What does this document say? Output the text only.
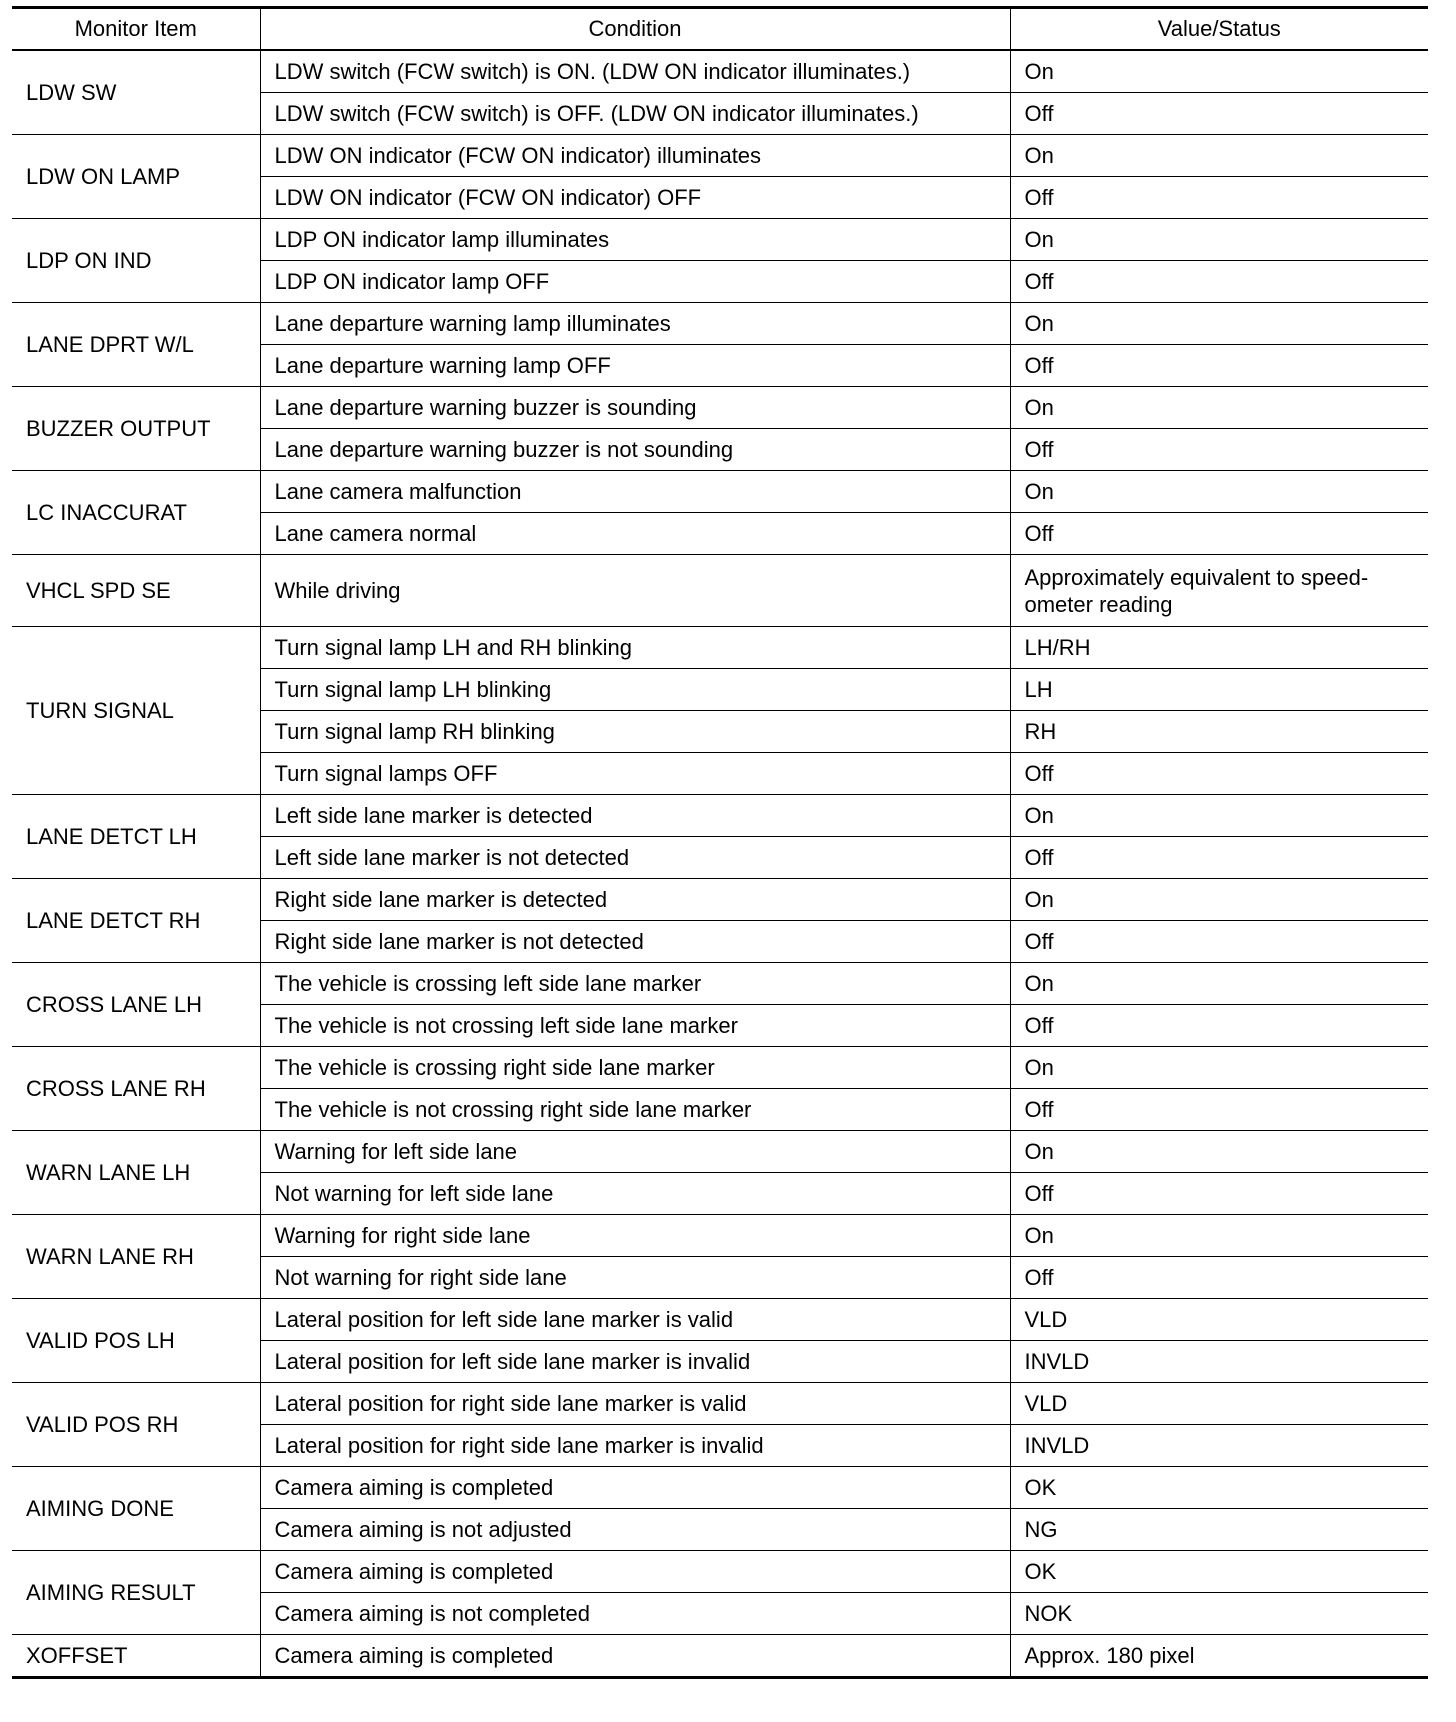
Monitor Item	Condition	Value/Status
LDW SW	LDW switch (FCW switch) is ON. (LDW ON indicator illuminates.)	On
	LDW switch (FCW switch) is OFF. (LDW ON indicator illuminates.)	Off
LDW ON LAMP	LDW ON indicator (FCW ON indicator) illuminates	On
	LDW ON indicator (FCW ON indicator) OFF	Off
LDP ON IND	LDP ON indicator lamp illuminates	On
	LDP ON indicator lamp OFF	Off
LANE DPRT W/L	Lane departure warning lamp illuminates	On
	Lane departure warning lamp OFF	Off
BUZZER OUTPUT	Lane departure warning buzzer is sounding	On
	Lane departure warning buzzer is not sounding	Off
LC INACCURAT	Lane camera malfunction	On
	Lane camera normal	Off
VHCL SPD SE	While driving	Approximately equivalent to speed-ometer reading
TURN SIGNAL	Turn signal lamp LH and RH blinking	LH/RH
	Turn signal lamp LH blinking	LH
	Turn signal lamp RH blinking	RH
	Turn signal lamps OFF	Off
LANE DETCT LH	Left side lane marker is detected	On
	Left side lane marker is not detected	Off
LANE DETCT RH	Right side lane marker is detected	On
	Right side lane marker is not detected	Off
CROSS LANE LH	The vehicle is crossing left side lane marker	On
	The vehicle is not crossing left side lane marker	Off
CROSS LANE RH	The vehicle is crossing right side lane marker	On
	The vehicle is not crossing right side lane marker	Off
WARN LANE LH	Warning for left side lane	On
	Not warning for left side lane	Off
WARN LANE RH	Warning for right side lane	On
	Not warning for right side lane	Off
VALID POS LH	Lateral position for left side lane marker is valid	VLD
	Lateral position for left side lane marker is invalid	INVLD
VALID POS RH	Lateral position for right side lane marker is valid	VLD
	Lateral position for right side lane marker is invalid	INVLD
AIMING DONE	Camera aiming is completed	OK
	Camera aiming is not adjusted	NG
AIMING RESULT	Camera aiming is completed	OK
	Camera aiming is not completed	NOK
XOFFSET	Camera aiming is completed	Approx. 180 pixel
